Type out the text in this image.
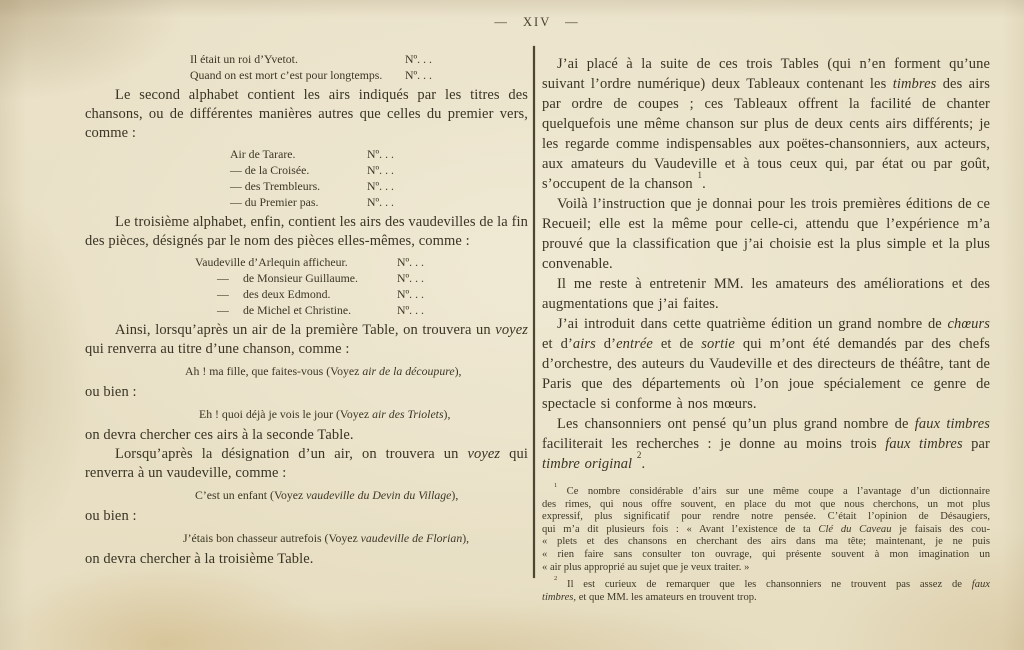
— XIV —
Il était un roi d’Yvetot.	Nº. . .
Quand on est mort c’est pour longtemps. Nº. . .

Le second alphabet contient les airs indiqués par les titres des chansons, ou de différentes manières autres que celles du premier vers, comme :

Air de Tarare.	Nº. . .
— de la Croisée.	Nº. . .
— des Trembleurs.	Nº. . .
— du Premier pas.	Nº. . .

Le troisième alphabet, enfin, contient les airs des vaudevilles de la fin des pièces, désignés par le nom des pièces elles-mêmes, comme :

Vaudeville d’Arlequin afficheur.	Nº. . .
— de Monsieur Guillaume.	Nº. . .
— des deux Edmond.	Nº. . .
— de Michel et Christine.	Nº. . .

Ainsi, lorsqu’après un air de la première Table, on trouvera un voyez qui renverra au titre d’une chanson, comme :

Ah ! ma fille, que faites-vous (Voyez air de la découpure),

ou bien :

Eh ! quoi déjà je vois le jour (Voyez air des Triolets),

on devra chercher ces airs à la seconde Table.

Lorsqu’après la désignation d’un air, on trouvera un voyez qui renverra à un vaudeville, comme :

C’est un enfant (Voyez vaudeville du Devin du Village),

ou bien :

J’étais bon chasseur autrefois (Voyez vaudeville de Florian),

on devra chercher à la troisième Table.

J’ai placé à la suite de ces trois Tables (qui n’en forment qu’une suivant l’ordre numérique) deux Tableaux contenant les timbres des airs par ordre de coupes ; ces Tableaux offrent la facilité de chanter quelquefois une même chanson sur plus de deux cents airs différents; je les regarde comme indispensables aux poëtes-chansonniers, aux acteurs, aux amateurs du Vaudeville et à tous ceux qui, par état ou par goût, s’occupent de la chanson $^1$.

Voilà l’instruction que je donnai pour les trois premières éditions de ce Recueil; elle est la même pour celle-ci, attendu que l’expérience m’a prouvé que la classification que j’ai choisie est la plus simple et la plus convenable.

Il me reste à entretenir MM. les amateurs des améliorations et des augmentations que j’ai faites.

J’ai introduit dans cette quatrième édition un grand nombre de chœurs et d’airs d’entrée et de sortie qui m’ont été demandés par des chefs d’orchestre, des auteurs du Vaudeville et des directeurs de théâtre, tant de Paris que des départements où l’on joue spécialement ce genre de spectacle si conforme à nos mœurs.

Les chansonniers ont pensé qu’un plus grand nombre de faux timbres faciliterait les recherches : je donne au moins trois faux timbres par timbre original $^2$.

$^1$ Ce nombre considérable d’airs sur une même coupe a l’avantage d’un dictionnaire
des rimes, qui nous offre souvent, en place du mot que nous cherchons, un mot plus
expressif, plus significatif pour rendre notre pensée. C’était l’opinion de Désaugiers,
qui m’a dit plusieurs fois : « Avant l’existence de ta Clé du Caveau je faisais des cou-
« plets et des chansons en cherchant des airs dans ma tête; maintenant, je ne puis
« rien faire sans consulter ton ouvrage, qui présente souvent à mon imagination un
« air plus approprié au sujet que je veux traiter. »
$^2$ Il est curieux de remarquer que les chansonniers ne trouvent pas assez de faux
timbres, et que MM. les amateurs en trouvent trop.
